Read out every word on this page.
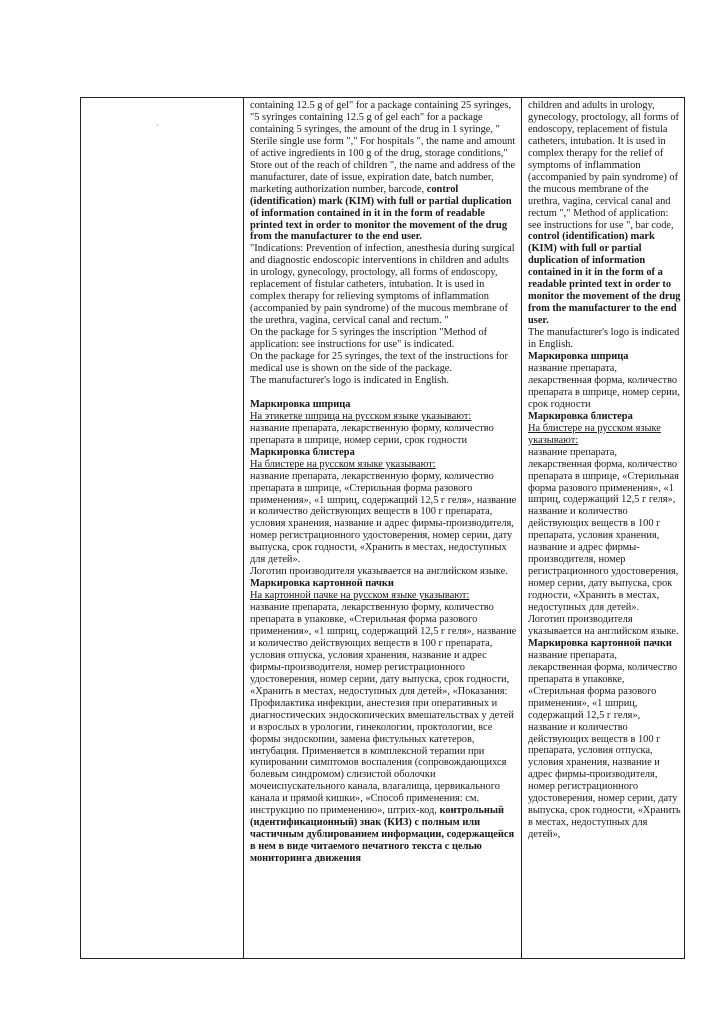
·

containing 12.5 g of gel" for a package containing 25 syringes, "5 syringes containing 12.5 g of gel each" for a package containing 5 syringes, the amount of the drug in 1 syringe, " Sterile single use form "," For hospitals ", the name and amount of active ingredients in 100 g of the drug, storage conditions," Store out of the reach of children ", the name and address of the manufacturer, date of issue, expiration date, batch number, marketing authorization number, barcode, control (identification) mark (KIM) with full or partial duplication of information contained in it in the form of readable printed text in order to monitor the movement of the drug from the manufacturer to the end user.

"Indications: Prevention of infection, anesthesia during surgical and diagnostic endoscopic interventions in children and adults in urology, gynecology, proctology, all forms of endoscopy, replacement of fistular catheters, intubation. It is used in complex therapy for relieving symptoms of inflammation (accompanied by pain syndrome) of the mucous membrane of the urethra, vagina, cervical canal and rectum. "

On the package for 5 syringes the inscription "Method of application: see instructions for use" is indicated.

On the package for 25 syringes, the text of the instructions for medical use is shown on the side of the package.

The manufacturer's logo is indicated in English.

Маркировка шприца

На этикетке шприца на русском языке указывают:

название препарата, лекарственную форму, количество препарата в шприце, номер серии, срок годности

Маркировка блистера

На блистере на русском языке указывают:

название препарата, лекарственную форму, количество препарата в шприце, «Стерильная форма разового применения», «1 шприц, содержащий 12,5 г геля», название и количество действующих веществ в 100 г препарата, условия хранения, название и адрес фирмы-производителя, номер регистрационного удостоверения, номер серии, дату выпуска, срок годности, «Хранить в местах, недоступных для детей».

Логотип производителя указывается на английском языке.

Маркировка картонной пачки

На картонной пачке на русском языке указывают:

название препарата, лекарственную форму, количество препарата в упаковке, «Стерильная форма разового применения», «1 шприц, содержащий 12,5 г геля», название и количество действующих веществ в 100 г препарата, условия отпуска, условия хранения, название и адрес фирмы-производителя, номер регистрационного удостоверения, номер серии, дату выпуска, срок годности, «Хранить в местах, недоступных для детей», «Показания: Профилактика инфекции, анестезия при оперативных и диагностических эндоскопических вмешательствах у детей и взрослых в урологии, гинекологии, проктологии, все формы эндоскопии, замена фистульных катетеров, интубация. Применяется в комплексной терапии при купировании симптомов воспаления (сопровождающихся болевым синдромом) слизистой оболочки мочеиспускательного канала, влагалища, цервикального канала и прямой кишки», «Способ применения: см. инструкцию по применению», штрих-код, контрольный (идентификационный) знак (КИЗ) с полным или частичным дублированием информации, содержащейся в нем в виде читаемого печатного текста с целью мониторинга движения

children and adults in urology, gynecology, proctology, all forms of endoscopy, replacement of fistula catheters, intubation. It is used in complex therapy for the relief of symptoms of inflammation (accompanied by pain syndrome) of the mucous membrane of the urethra, vagina, cervical canal and rectum "," Method of application: see instructions for use ", bar code, control (identification) mark (KIM) with full or partial duplication of information contained in it in the form of a readable printed text in order to monitor the movement of the drug from the manufacturer to the end user.

The manufacturer's logo is indicated in English.

Маркировка шприца

название препарата, лекарственная форма, количество препарата в шприце, номер серии, срок годности

Маркировка блистера

На блистере на русском языке указывают:

название препарата, лекарственная форма, количество препарата в шприце, «Стерильная форма разового применения», «1 шприц, содержащий 12,5 г геля», название и количество действующих веществ в 100 г препарата, условия хранения, название и адрес фирмы-производителя, номер регистрационного удостоверения, номер серии, дату выпуска, срок годности, «Хранить в местах, недоступных для детей».

Логотип производителя указывается на английском языке.

Маркировка картонной пачки

название препарата, лекарственная форма, количество препарата в упаковке, «Стерильная форма разового применения», «1 шприц, содержащий 12,5 г геля», название и количество действующих веществ в 100 г препарата, условия отпуска, условия хранения, название и адрес фирмы-производителя, номер регистрационного удостоверения, номер серии, дату выпуска, срок годности, «Хранить в местах, недоступных для детей»,
